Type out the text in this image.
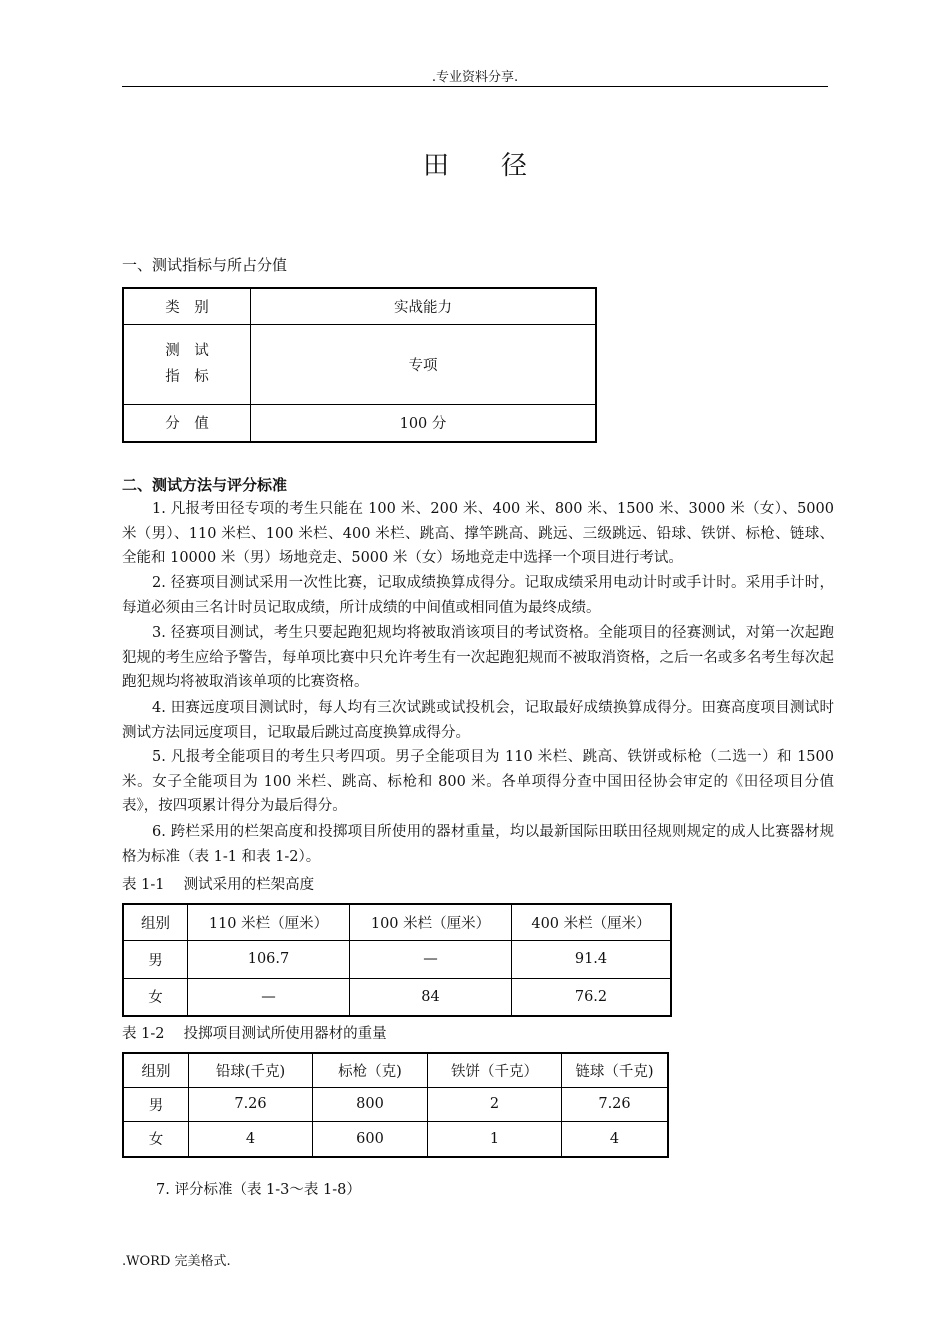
.专业资料分享.
田径
一、测试指标与所占分值
类　别	实战能力

测　试
指　标	专项
分　值	100 分
二、测试方法与评分标准
1. 凡报考田径专项的考生只能在 100 米、200 米、400 米、800 米、1500 米、3000 米（女）、5000 米（男）、110 米栏、100 米栏、400 米栏、跳高、撑竿跳高、跳远、三级跳远、铅球、铁饼、标枪、链球、全能和 10000 米（男）场地竞走、5000 米（女）场地竞走中选择一个项目进行考试。
2. 径赛项目测试采用一次性比赛，记取成绩换算成得分。记取成绩采用电动计时或手计时。采用手计时，每道必须由三名计时员记取成绩，所计成绩的中间值或相同值为最终成绩。
3. 径赛项目测试，考生只要起跑犯规均将被取消该项目的考试资格。全能项目的径赛测试，对第一次起跑犯规的考生应给予警告，每单项比赛中只允许考生有一次起跑犯规而不被取消资格，之后一名或多名考生每次起跑犯规均将被取消该单项的比赛资格。
4. 田赛远度项目测试时，每人均有三次试跳或试投机会，记取最好成绩换算成得分。田赛高度项目测试时测试方法同远度项目，记取最后跳过高度换算成得分。
5. 凡报考全能项目的考生只考四项。男子全能项目为 110 米栏、跳高、铁饼或标枪（二选一）和 1500 米。女子全能项目为 100 米栏、跳高、标枪和 800 米。各单项得分查中国田径协会审定的《田径项目分值表》，按四项累计得分为最后得分。
6. 跨栏采用的栏架高度和投掷项目所使用的器材重量，均以最新国际田联田径规则规定的成人比赛器材规格为标准（表 1-1 和表 1-2）。
表 1-1　 测试采用的栏架高度
组别	110 米栏（厘米）	100 米栏（厘米）	400 米栏（厘米）
男	106.7	—	91.4
女	—	84	76.2
表 1-2　 投掷项目测试所使用器材的重量
组别	铅球(千克)	标枪（克)	铁饼（千克）	链球（千克)
男	7.26	800	2	7.26
女	4	600	1	4
7. 评分标准（表 1-3～表 1-8）
.WORD 完美格式.
